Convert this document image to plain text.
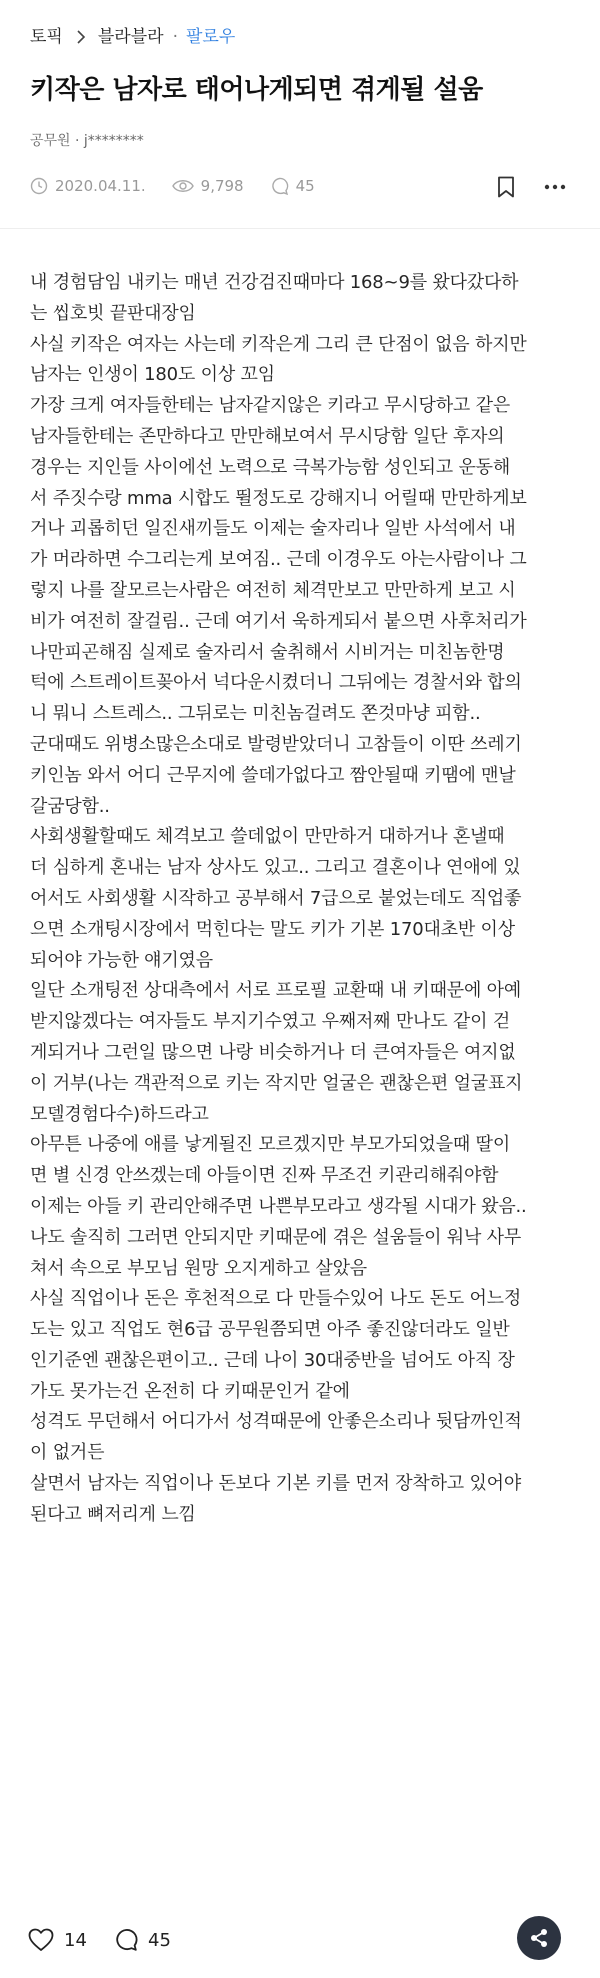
토픽 블라블라 · 팔로우
키작은 남자로 태어나게되면 겪게될 설움
공무원 · j********
2020.04.11.	9,798	45

내 경험담임 내키는 매년 건강검진때마다 168~9를 왔다갔다하

는 씹호빗 끝판대장임

사실 키작은 여자는 사는데 키작은게 그리 큰 단점이 없음 하지만

남자는 인생이 180도 이상 꼬임

가장 크게 여자들한테는 남자같지않은 키라고 무시당하고 같은

남자들한테는 존만하다고 만만해보여서 무시당함 일단 후자의

경우는 지인들 사이에선 노력으로 극복가능함 성인되고 운동해

서 주짓수랑 mma 시합도 뛸정도로 강해지니 어릴때 만만하게보

거나 괴롭히던 일진새끼들도 이제는 술자리나 일반 사석에서 내

가 머라하면 수그리는게 보여짐.. 근데 이경우도 아는사람이나 그

렇지 나를 잘모르는사람은 여전히 체격만보고 만만하게 보고 시

비가 여전히 잘걸림.. 근데 여기서 욱하게되서 붙으면 사후처리가

나만피곤해짐 실제로 술자리서 술취해서 시비거는 미친놈한명

턱에 스트레이트꽂아서 넉다운시켰더니 그뒤에는 경찰서와 합의

니 뭐니 스트레스.. 그뒤로는 미친놈걸려도 쫀것마냥 피함..

군대때도 위병소많은소대로 발령받았더니 고참들이 이딴 쓰레기

키인놈 와서 어디 근무지에 쓸데가없다고 짬안될때 키땜에 맨날

갈굼당함..

사회생활할때도 체격보고 쓸데없이 만만하거 대하거나 혼낼때

더 심하게 혼내는 남자 상사도 있고.. 그리고 결혼이나 연애에 있

어서도 사회생활 시작하고 공부해서 7급으로 붙었는데도 직업좋

으면 소개팅시장에서 먹힌다는 말도 키가 기본 170대초반 이상

되어야 가능한 얘기였음

일단 소개팅전 상대측에서 서로 프로필 교환때 내 키때문에 아예

받지않겠다는 여자들도 부지기수였고 우째저째 만나도 같이 걷

게되거나 그런일 많으면 나랑 비슷하거나 더 큰여자들은 여지없

이 거부(나는 객관적으로 키는 작지만 얼굴은 괜찮은편 얼굴표지

모델경험다수)하드라고

아무튼 나중에 애를 낳게될진 모르겠지만 부모가되었을때 딸이

면 별 신경 안쓰겠는데 아들이면 진짜 무조건 키관리해줘야함

이제는 아들 키 관리안해주면 나쁜부모라고 생각될 시대가 왔음..

나도 솔직히 그러면 안되지만 키때문에 겪은 설움들이 워낙 사무

쳐서 속으로 부모님 원망 오지게하고 살았음

사실 직업이나 돈은 후천적으로 다 만들수있어 나도 돈도 어느정

도는 있고 직업도 현6급 공무원쯤되면 아주 좋진않더라도 일반

인기준엔 괜찮은편이고.. 근데 나이 30대중반을 넘어도 아직 장

가도 못가는건 온전히 다 키때문인거 같에

성격도 무던해서 어디가서 성격때문에 안좋은소리나 뒷담까인적

이 없거든

살면서 남자는 직업이나 돈보다 기본 키를 먼저 장착하고 있어야

된다고 뼈저리게 느낌

14	45
